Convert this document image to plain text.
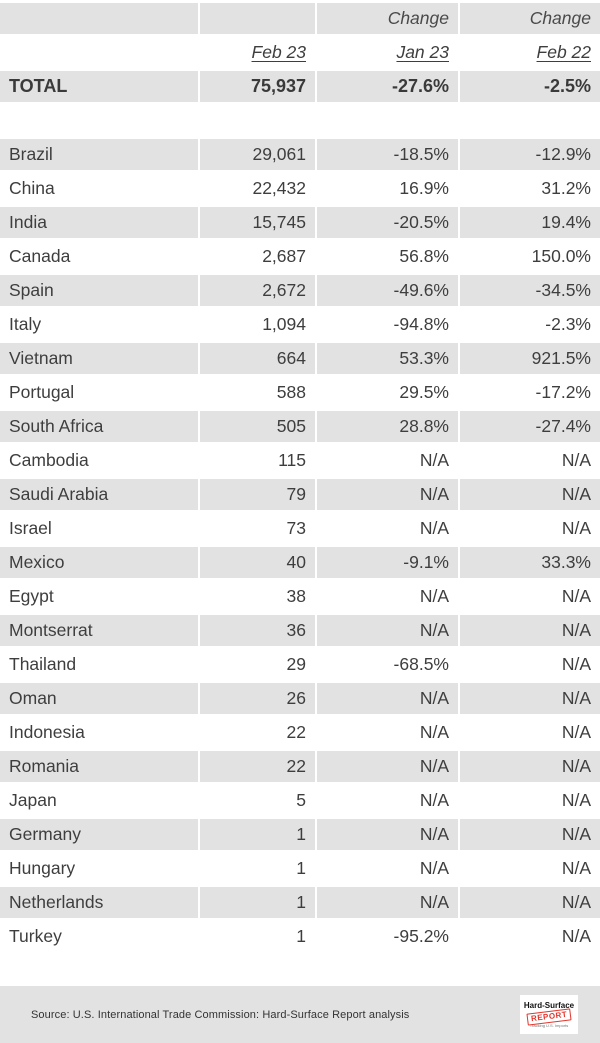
		Change	Change
	Feb 23	Jan 23	Feb 22
TOTAL	75,937	-27.6%	-2.5%

Brazil	29,061	-18.5%	-12.9%
China	22,432	16.9%	31.2%
India	15,745	-20.5%	19.4%
Canada	2,687	56.8%	150.0%
Spain	2,672	-49.6%	-34.5%
Italy	1,094	-94.8%	-2.3%
Vietnam	664	53.3%	921.5%
Portugal	588	29.5%	-17.2%
South Africa	505	28.8%	-27.4%
Cambodia	115	N/A	N/A
Saudi Arabia	79	N/A	N/A
Israel	73	N/A	N/A
Mexico	40	-9.1%	33.3%
Egypt	38	N/A	N/A
Montserrat	36	N/A	N/A
Thailand	29	-68.5%	N/A
Oman	26	N/A	N/A
Indonesia	22	N/A	N/A
Romania	22	N/A	N/A
Japan	5	N/A	N/A
Germany	1	N/A	N/A
Hungary	1	N/A	N/A
Netherlands	1	N/A	N/A
Turkey	1	-95.2%	N/A
Source: U.S. International Trade Commission: Hard-Surface Report analysis
Hard-Surface
REPORT
Tracking U.S. Imports
